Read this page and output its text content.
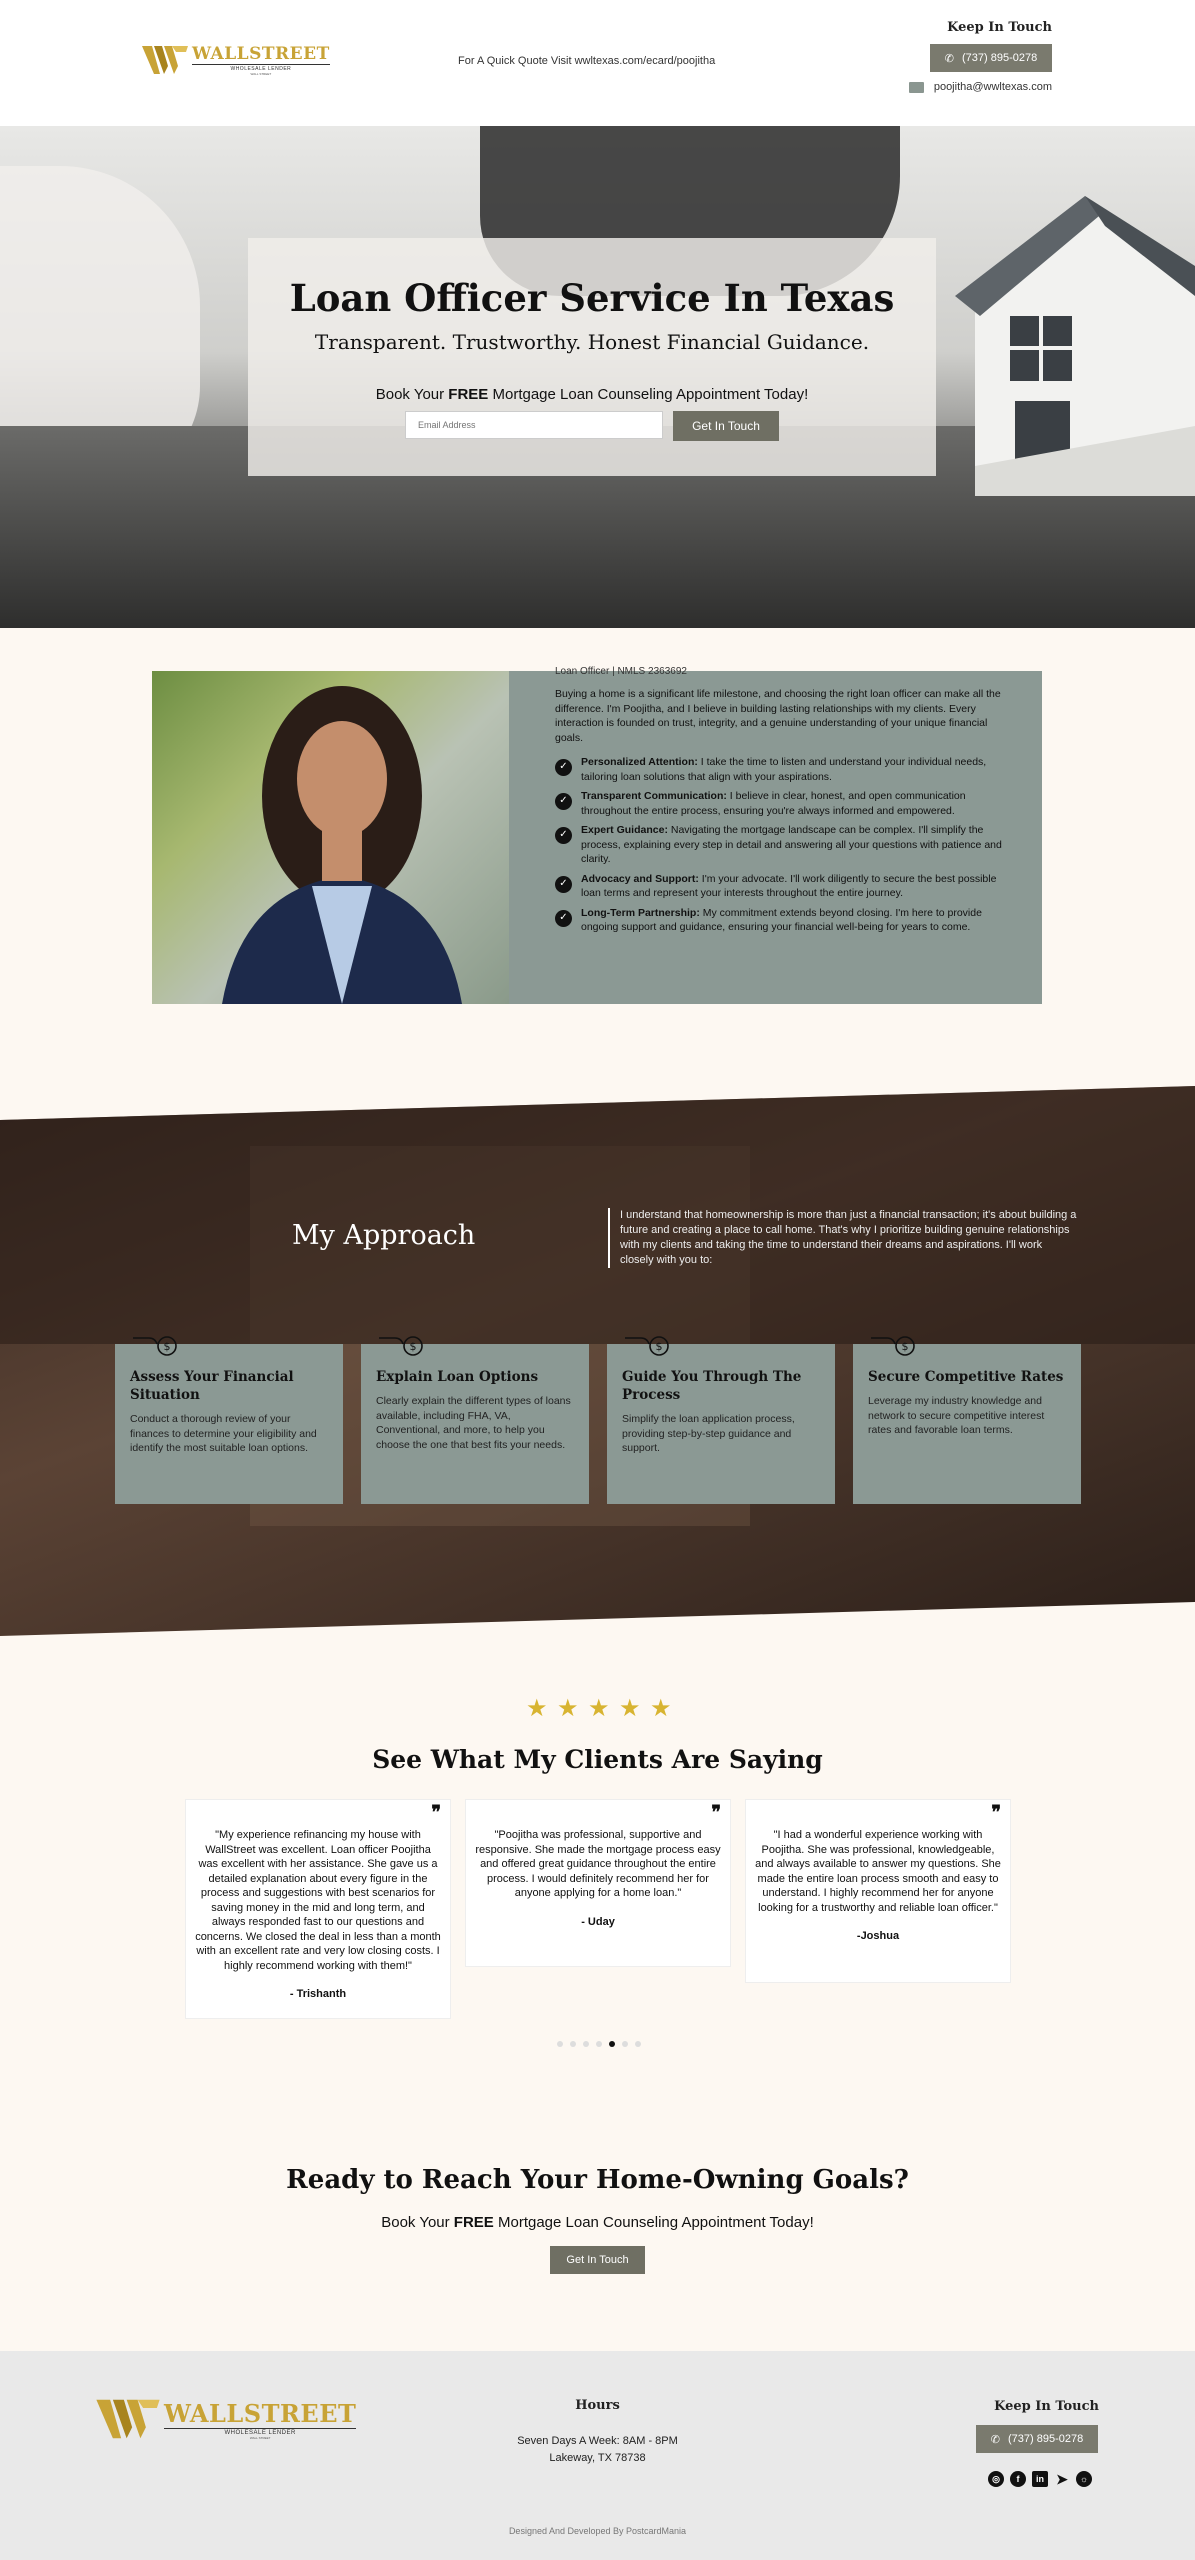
WALLSTREET
WHOLESALE LENDER
WALL STREET
For A Quick Quote Visit wwltexas.com/ecard/poojitha
Keep In Touch
✆ (737) 895-0278
poojitha@wwltexas.com
Loan Officer Service In Texas
Transparent. Trustworthy. Honest Financial Guidance.
Book Your FREE Mortgage Loan Counseling Appointment Today!
Email Address
Get In Touch
Loan Officer | NMLS 2363692

Buying a home is a significant life milestone, and choosing the right loan officer can make all the difference. I'm Poojitha, and I believe in building lasting relationships with my clients. Every interaction is founded on trust, integrity, and a genuine understanding of your unique financial goals.

✓	Personalized Attention: I take the time to listen and understand your individual needs, tailoring loan solutions that align with your aspirations.
✓	Transparent Communication: I believe in clear, honest, and open communication throughout the entire process, ensuring you're always informed and empowered.
✓	Expert Guidance: Navigating the mortgage landscape can be complex. I'll simplify the process, explaining every step in detail and answering all your questions with patience and clarity.
✓	Advocacy and Support: I'm your advocate. I'll work diligently to secure the best possible loan terms and represent your interests throughout the entire journey.
✓	Long-Term Partnership: My commitment extends beyond closing. I'm here to provide ongoing support and guidance, ensuring your financial well-being for years to come.
My Approach
I understand that homeownership is more than just a financial transaction; it's about building a future and creating a place to call home. That's why I prioritize building genuine relationships with my clients and taking the time to understand their dreams and aspirations. I'll work closely with you to:
$
Assess Your Financial Situation

Conduct a thorough review of your finances to determine your eligibility and identify the most suitable loan options.

$
Explain Loan Options

Clearly explain the different types of loans available, including FHA, VA, Conventional, and more, to help you choose the one that best fits your needs.

$
Guide You Through The Process

Simplify the loan application process, providing step-by-step guidance and support.

$
Secure Competitive Rates

Leverage my industry knowledge and network to secure competitive interest rates and favorable loan terms.

★ ★ ★ ★ ★
See What My Clients Are Saying
❞
"My experience refinancing my house with WallStreet was excellent. Loan officer Poojitha was excellent with her assistance. She gave us a detailed explanation about every figure in the process and suggestions with best scenarios for saving money in the mid and long term, and always responded fast to our questions and concerns. We closed the deal in less than a month with an excellent rate and very low closing costs. I highly recommend working with them!"
- Trishanth
❞
"Poojitha was professional, supportive and responsive. She made the mortgage process easy and offered great guidance throughout the entire process. I would definitely recommend her for anyone applying for a home loan."
- Uday
❞
"I had a wonderful experience working with Poojitha. She was professional, knowledgeable, and always available to answer my questions. She made the entire loan process smooth and easy to understand. I highly recommend her for anyone looking for a trustworthy and reliable loan officer."
-Joshua
Ready to Reach Your Home-Owning Goals?
Book Your FREE Mortgage Loan Counseling Appointment Today!
Get In Touch
WALLSTREET
WHOLESALE LENDER
WALL STREET
Hours
Seven Days A Week: 8AM - 8PM
Lakeway, TX 78738
Keep In Touch
✆ (737) 895-0278
◎	f	in ➤	☼
Designed And Developed By PostcardMania
